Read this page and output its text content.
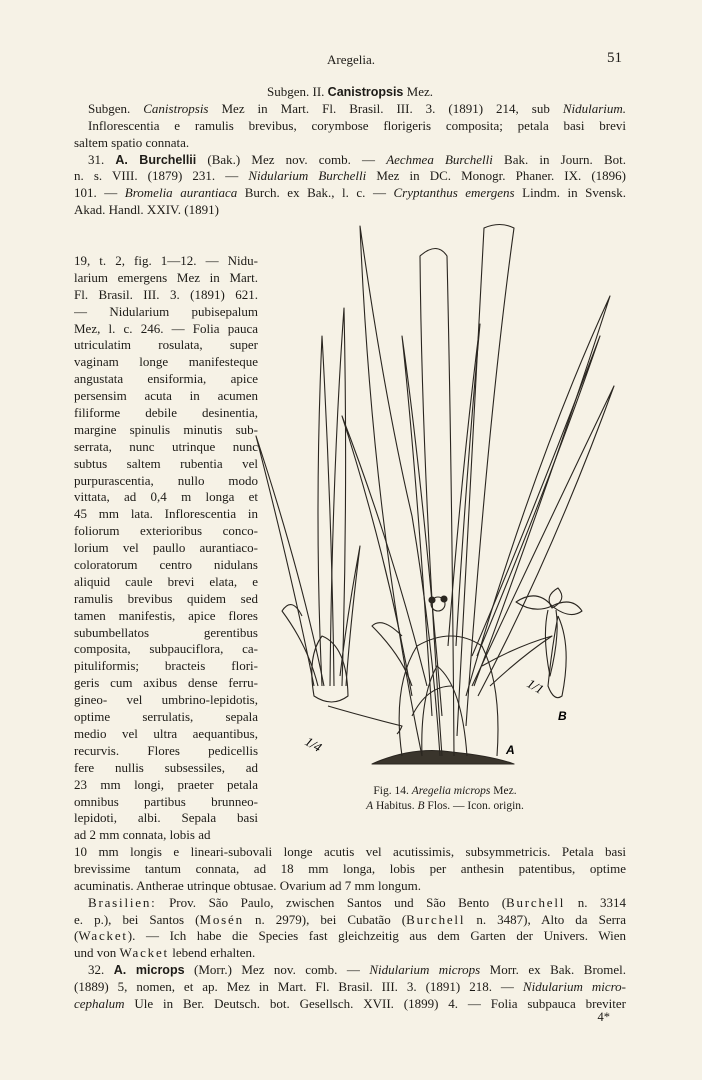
Aregelia.	51
Subgen. II. Canistropsis Mez.
Subgen. Canistropsis Mez in Mart. Fl. Brasil. III. 3. (1891) 214, sub Nidularium.
Inflorescentia e ramulis brevibus, corymbose florigeris composita; petala basi brevi
saltem spatio connata.
31. A. Burchellii (Bak.) Mez nov. comb. — Aechmea Burchelli Bak. in Journ. Bot.
n. s. VIII. (1879) 231. — Nidularium Burchelli Mez in DC. Monogr. Phaner. IX. (1896)
101. — Bromelia aurantiaca Burch. ex Bak., l. c. — Cryptanthus emergens Lindm. in Svensk.
Akad. Handl. XXIV. (1891)
19, t. 2, fig. 1—12. — Nidu-
larium emergens Mez in Mart.
Fl. Brasil. III. 3. (1891) 621.
— Nidularium pubisepalum
Mez, l. c. 246. — Folia pauca
utriculatim rosulata, super
vaginam longe manifesteque
angustata ensiformia, apice
persensim acuta in acumen
filiforme debile desinentia,
margine spinulis minutis sub-
serrata, nunc utrinque nunc
subtus saltem rubentia vel
purpurascentia, nullo modo
vittata, ad 0,4 m longa et
45 mm lata. Inflorescentia in
foliorum exterioribus conco-
lorium vel paullo aurantiaco-
coloratorum centro nidulans
aliquid caule brevi elata, e
ramulis brevibus quidem sed
tamen manifestis, apice flores
subumbellatos gerentibus
composita, subpauciflora, ca-
pituliformis; bracteis flori-
geris cum axibus dense ferru-
gineo- vel umbrino-lepidotis,
optime serrulatis, sepala
medio vel ultra aequantibus,
recurvis. Flores pedicellis
fere nullis subsessiles, ad
23 mm longi, praeter petala
omnibus partibus brunneo-
lepidoti, albi. Sepala basi
ad 2 mm connata, lobis ad
1/4
1/1
A
B
Fig. 14. Aregelia microps Mez.
A Habitus. B Flos. — Icon. origin.
10 mm longis e lineari-subovali longe acutis vel acutissimis, subsymmetricis. Petala basi
brevissime tantum connata, ad 18 mm longa, lobis per anthesin patentibus, optime
acuminatis. Antherae utrinque obtusae. Ovarium ad 7 mm longum.
Brasilien: Prov. São Paulo, zwischen Santos und São Bento (Burchell n. 3314
e. p.), bei Santos (Mosén n. 2979), bei Cubatão (Burchell n. 3487), Alto da Serra
(Wacket). — Ich habe die Species fast gleichzeitig aus dem Garten der Univers. Wien
und von Wacket lebend erhalten.
32. A. microps (Morr.) Mez nov. comb. — Nidularium microps Morr. ex Bak. Bromel.
(1889) 5, nomen, et ap. Mez in Mart. Fl. Brasil. III. 3. (1891) 218. — Nidularium micro-
cephalum Ule in Ber. Deutsch. bot. Gesellsch. XVII. (1899) 4. — Folia subpauca breviter
4*
